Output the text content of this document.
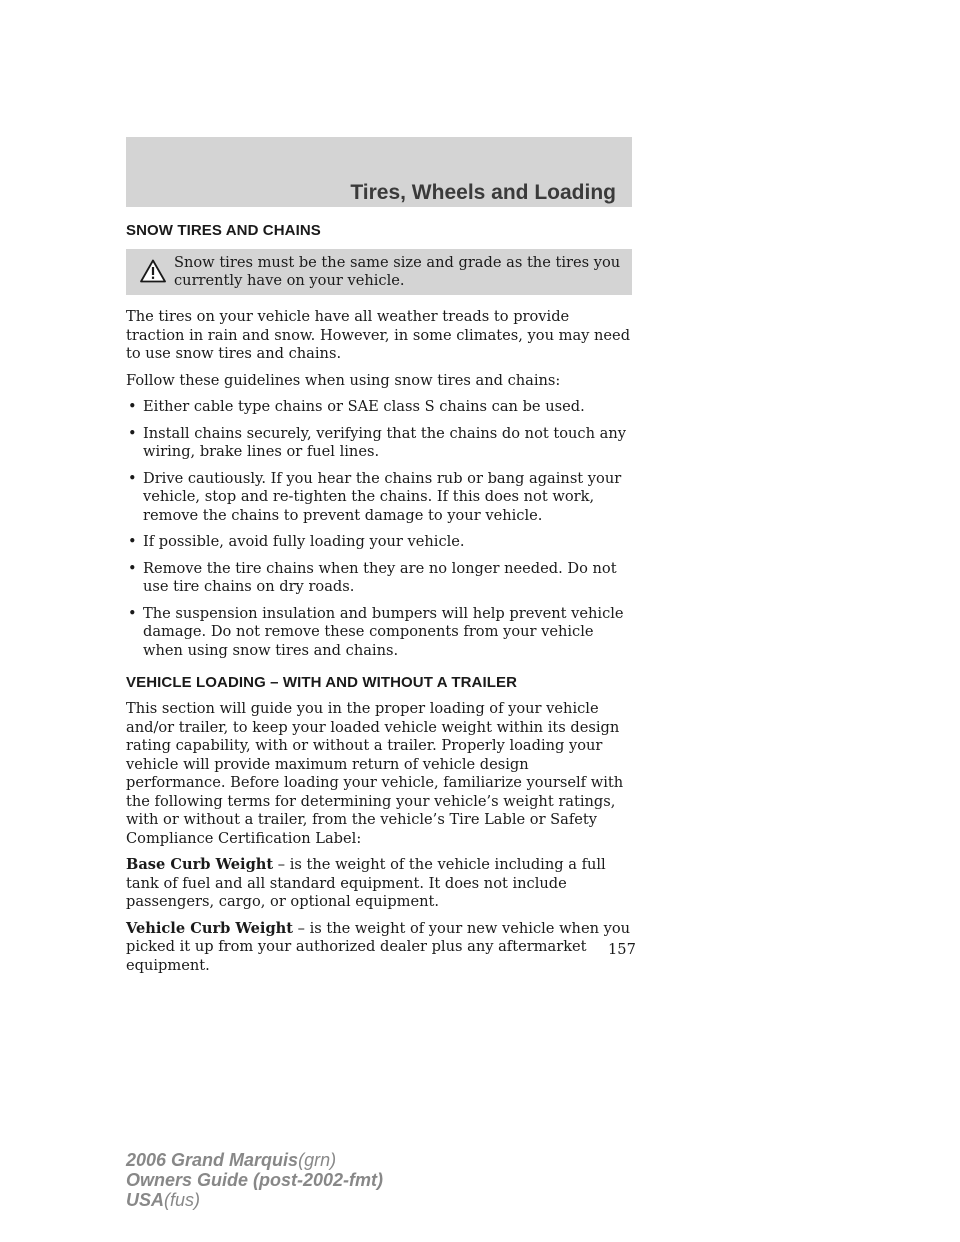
Tires, Wheels and Loading
SNOW TIRES AND CHAINS
Snow tires must be the same size and grade as the tires you currently have on your vehicle.

The tires on your vehicle have all weather treads to provide traction in rain and snow. However, in some climates, you may need to use snow tires and chains.

Follow these guidelines when using snow tires and chains:

• Either cable type chains or SAE class S chains can be used.
• Install chains securely, verifying that the chains do not touch any wiring, brake lines or fuel lines.
• Drive cautiously. If you hear the chains rub or bang against your vehicle, stop and re-tighten the chains. If this does not work, remove the chains to prevent damage to your vehicle.
• If possible, avoid fully loading your vehicle.
• Remove the tire chains when they are no longer needed. Do not use tire chains on dry roads.
• The suspension insulation and bumpers will help prevent vehicle damage. Do not remove these components from your vehicle when using snow tires and chains.
VEHICLE LOADING – WITH AND WITHOUT A TRAILER

This section will guide you in the proper loading of your vehicle and/or trailer, to keep your loaded vehicle weight within its design rating capability, with or without a trailer. Properly loading your vehicle will provide maximum return of vehicle design performance. Before loading your vehicle, familiarize yourself with the following terms for determining your vehicle’s weight ratings, with or without a trailer, from the vehicle’s Tire Lable or Safety Compliance Certification Label:

Base Curb Weight – is the weight of the vehicle including a full tank of fuel and all standard equipment. It does not include passengers, cargo, or optional equipment.

Vehicle Curb Weight – is the weight of your new vehicle when you picked it up from your authorized dealer plus any aftermarket equipment.

157
2006 Grand Marquis(grn)
Owners Guide (post-2002-fmt)
USA(fus)
